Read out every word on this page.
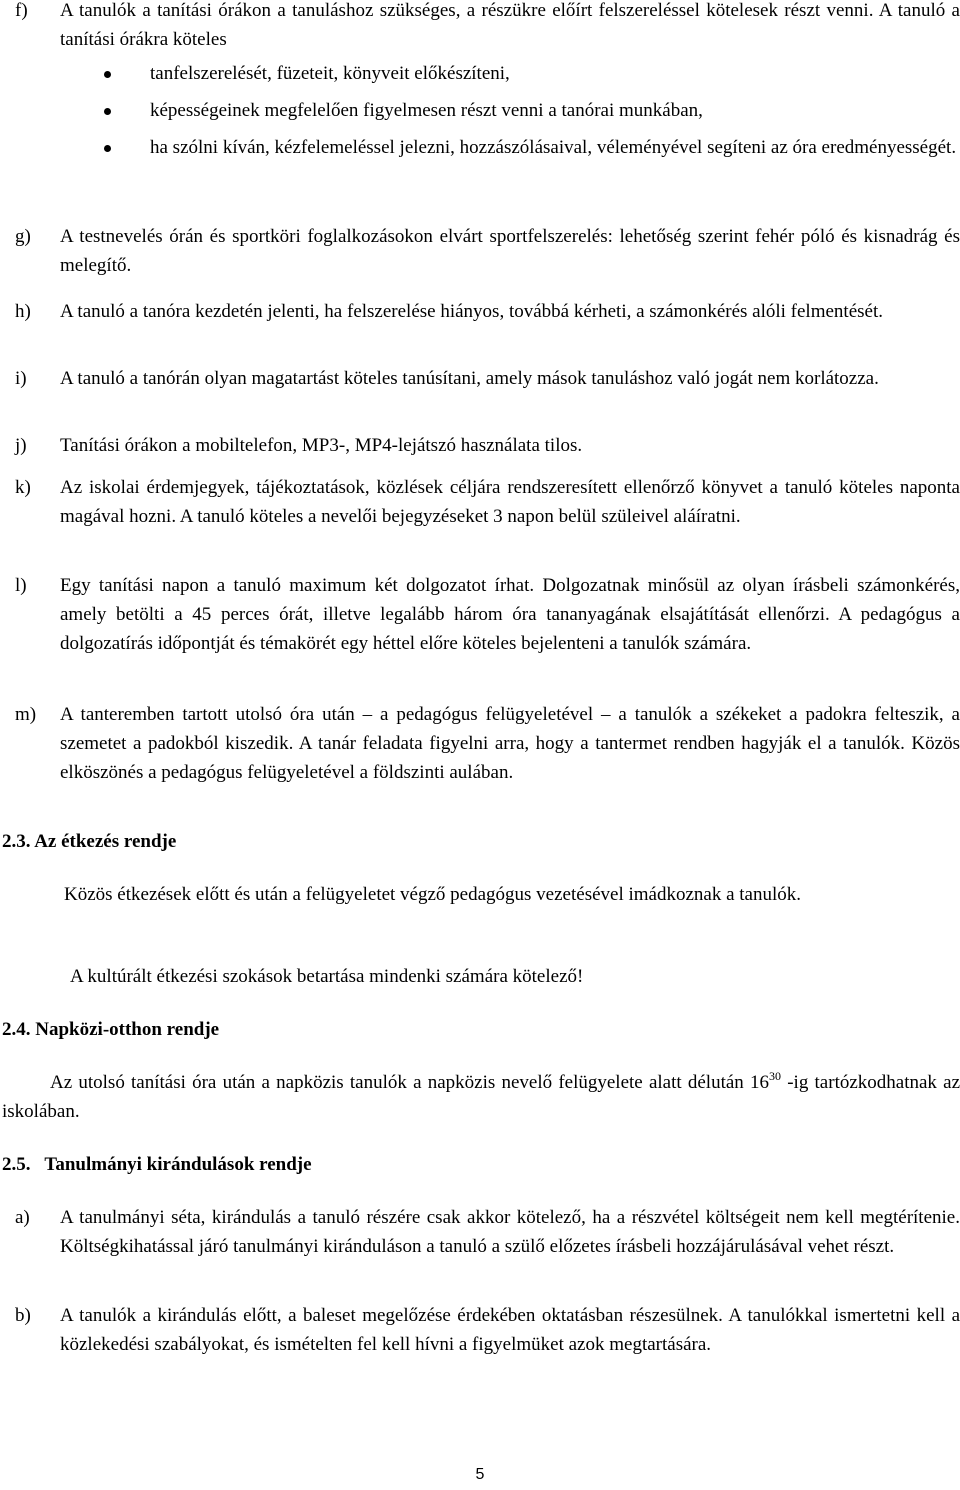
f) A tanulók a tanítási órákon a tanuláshoz szükséges, a részükre előírt felszereléssel kötelesek részt venni. A tanuló a tanítási órákra köteles
tanfelszerelését, füzeteit, könyveit előkészíteni,
képességeinek megfelelően figyelmesen részt venni a tanórai munkában,
ha szólni kíván, kézfelemeléssel jelezni, hozzászólásaival, véleményével segíteni az óra eredményességét.
g) A testnevelés órán és sportköri foglalkozásokon elvárt sportfelszerelés: lehetőség szerint fehér póló és kisnadrág és melegítő.
h) A tanuló a tanóra kezdetén jelenti, ha felszerelése hiányos, továbbá kérheti, a számonkérés alóli felmentését.
i) A tanuló a tanórán olyan magatartást köteles tanúsítani, amely mások tanuláshoz való jogát nem korlátozza.
j) Tanítási órákon a mobiltelefon, MP3-, MP4-lejátszó használata tilos.
k) Az iskolai érdemjegyek, tájékoztatások, közlések céljára rendszeresített ellenőrző könyvet a tanuló köteles naponta magával hozni. A tanuló köteles a nevelői bejegyzéseket 3 napon belül szüleivel aláíratni.
l) Egy tanítási napon a tanuló maximum két dolgozatot írhat. Dolgozatnak minősül az olyan írásbeli számonkérés, amely betölti a 45 perces órát, illetve legalább három óra tananyagának elsajátítását ellenőrzi. A pedagógus a dolgozatírás időpontját és témakörét egy héttel előre köteles bejelenteni a tanulók számára.
m) A tanteremben tartott utolsó óra után – a pedagógus felügyeletével – a tanulók a székeket a padokra felteszik, a szemetet a padokból kiszedik. A tanár feladata figyelni arra, hogy a tantermet rendben hagyják el a tanulók. Közös elköszönés a pedagógus felügyeletével a földszinti aulában.
2.3. Az étkezés rendje
Közös étkezések előtt és után a felügyeletet végző pedagógus vezetésével imádkoznak a tanulók.
A kultúrált étkezési szokások betartása mindenki számára kötelező!
2.4. Napközi-otthon rendje
Az utolsó tanítási óra után a napközis tanulók a napközis nevelő felügyelete alatt délután $16^{30}$ -ig tartózkodhatnak az iskolában.
2.5.   Tanulmányi kirándulások rendje
a) A tanulmányi séta, kirándulás a tanuló részére csak akkor kötelező, ha a részvétel költségeit nem kell megtérítenie. Költségkihatással járó tanulmányi kiránduláson a tanuló a szülő előzetes írásbeli hozzájárulásával vehet részt.
b) A tanulók a kirándulás előtt, a baleset megelőzése érdekében oktatásban részesülnek. A tanulókkal ismertetni kell a közlekedési szabályokat, és ismételten fel kell hívni a figyelmüket azok megtartására.
5
